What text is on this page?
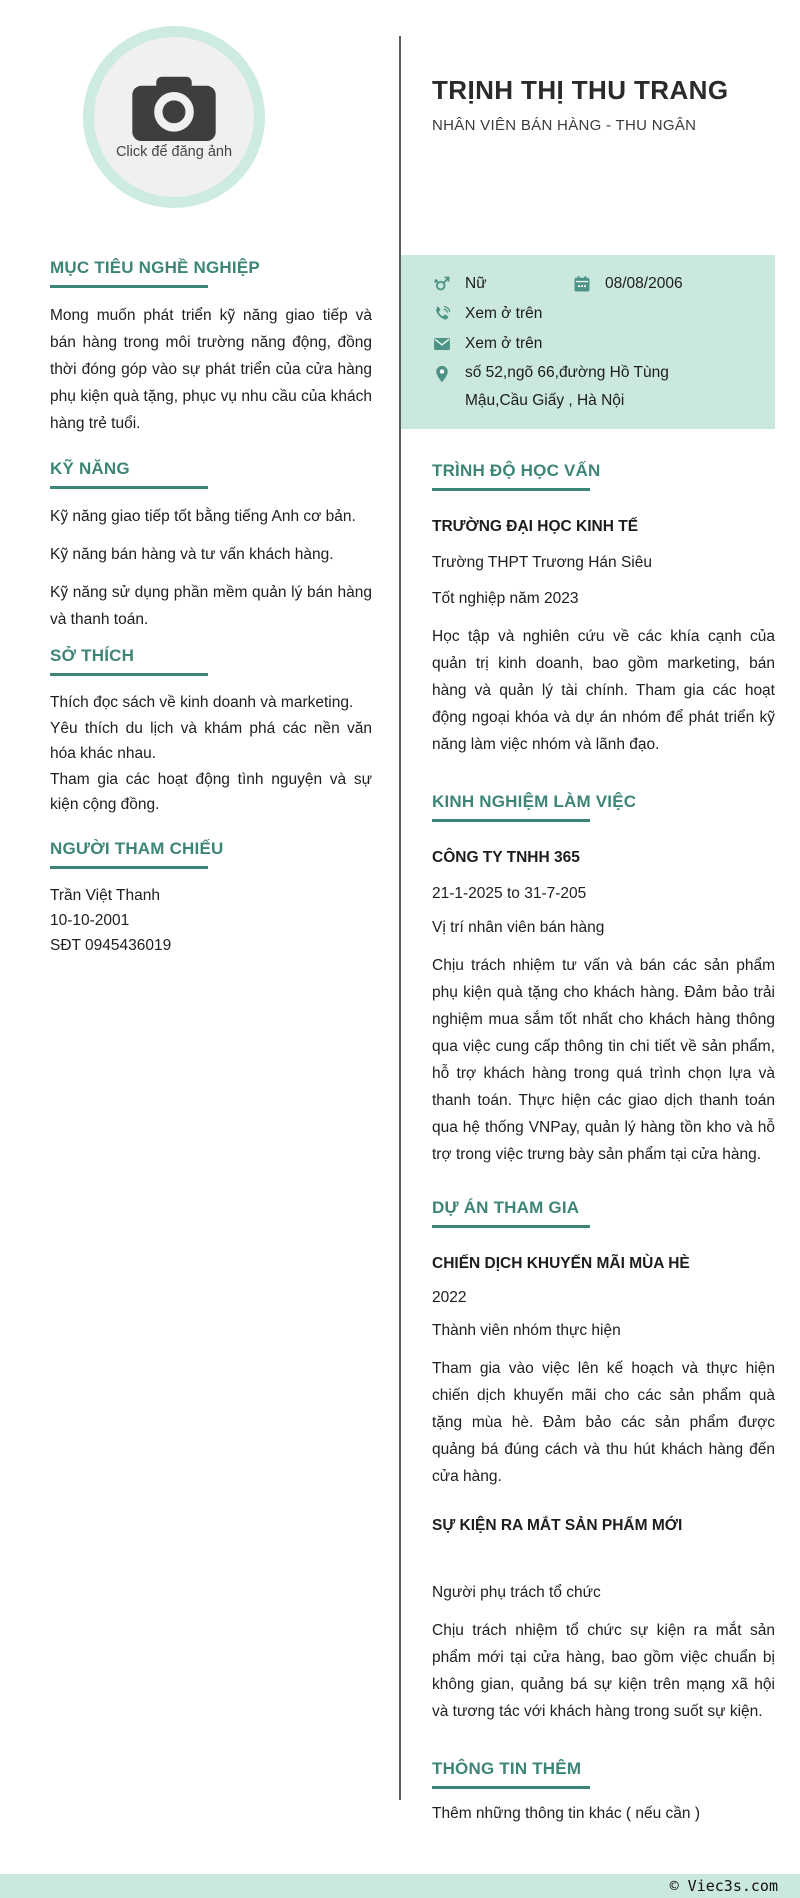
Click để đăng ảnh
MỤC TIÊU NGHỀ NGHIỆP

Mong muốn phát triển kỹ năng giao tiếp và bán hàng trong môi trường năng động, đồng thời đóng góp vào sự phát triển của cửa hàng phụ kiện quà tặng, phục vụ nhu cầu của khách hàng trẻ tuổi.

KỸ NĂNG

Kỹ năng giao tiếp tốt bằng tiếng Anh cơ bản.

Kỹ năng bán hàng và tư vấn khách hàng.

Kỹ năng sử dụng phần mềm quản lý bán hàng và thanh toán.

SỞ THÍCH

Thích đọc sách về kinh doanh và marketing.

Yêu thích du lịch và khám phá các nền văn hóa khác nhau.

Tham gia các hoạt động tình nguyện và sự kiện cộng đồng.

NGƯỜI THAM CHIẾU
Trần Việt Thanh
10-10-2001
SĐT 0945436019
TRỊNH THỊ THU TRANG
NHÂN VIÊN BÁN HÀNG - THU NGÂN
Nữ	08/08/2006
Xem ở trên
Xem ở trên
số 52,ngõ 66,đường Hồ Tùng Mậu,Cầu Giấy , Hà Nội
TRÌNH ĐỘ HỌC VẤN
TRƯỜNG ĐẠI HỌC KINH TẾ
Trường THPT Trương Hán Siêu
Tốt nghiệp năm 2023

Học tập và nghiên cứu về các khía cạnh của quản trị kinh doanh, bao gồm marketing, bán hàng và quản lý tài chính. Tham gia các hoạt động ngoại khóa và dự án nhóm để phát triển kỹ năng làm việc nhóm và lãnh đạo.

KINH NGHIỆM LÀM VIỆC
CÔNG TY TNHH 365
21-1-2025 to 31-7-205
Vị trí nhân viên bán hàng

Chịu trách nhiệm tư vấn và bán các sản phẩm phụ kiện quà tặng cho khách hàng. Đảm bảo trải nghiệm mua sắm tốt nhất cho khách hàng thông qua việc cung cấp thông tin chi tiết về sản phẩm, hỗ trợ khách hàng trong quá trình chọn lựa và thanh toán. Thực hiện các giao dịch thanh toán qua hệ thống VNPay, quản lý hàng tồn kho và hỗ trợ trong việc trưng bày sản phẩm tại cửa hàng.

DỰ ÁN THAM GIA
CHIẾN DỊCH KHUYẾN MÃI MÙA HÈ
2022
Thành viên nhóm thực hiện

Tham gia vào việc lên kế hoạch và thực hiện chiến dịch khuyến mãi cho các sản phẩm quà tặng mùa hè. Đảm bảo các sản phẩm được quảng bá đúng cách và thu hút khách hàng đến cửa hàng.

SỰ KIỆN RA MẮT SẢN PHẨM MỚI
Người phụ trách tổ chức

Chịu trách nhiệm tổ chức sự kiện ra mắt sản phẩm mới tại cửa hàng, bao gồm việc chuẩn bị không gian, quảng bá sự kiện trên mạng xã hội và tương tác với khách hàng trong suốt sự kiện.

THÔNG TIN THÊM
Thêm những thông tin khác ( nếu cần )
© Viec3s.com
